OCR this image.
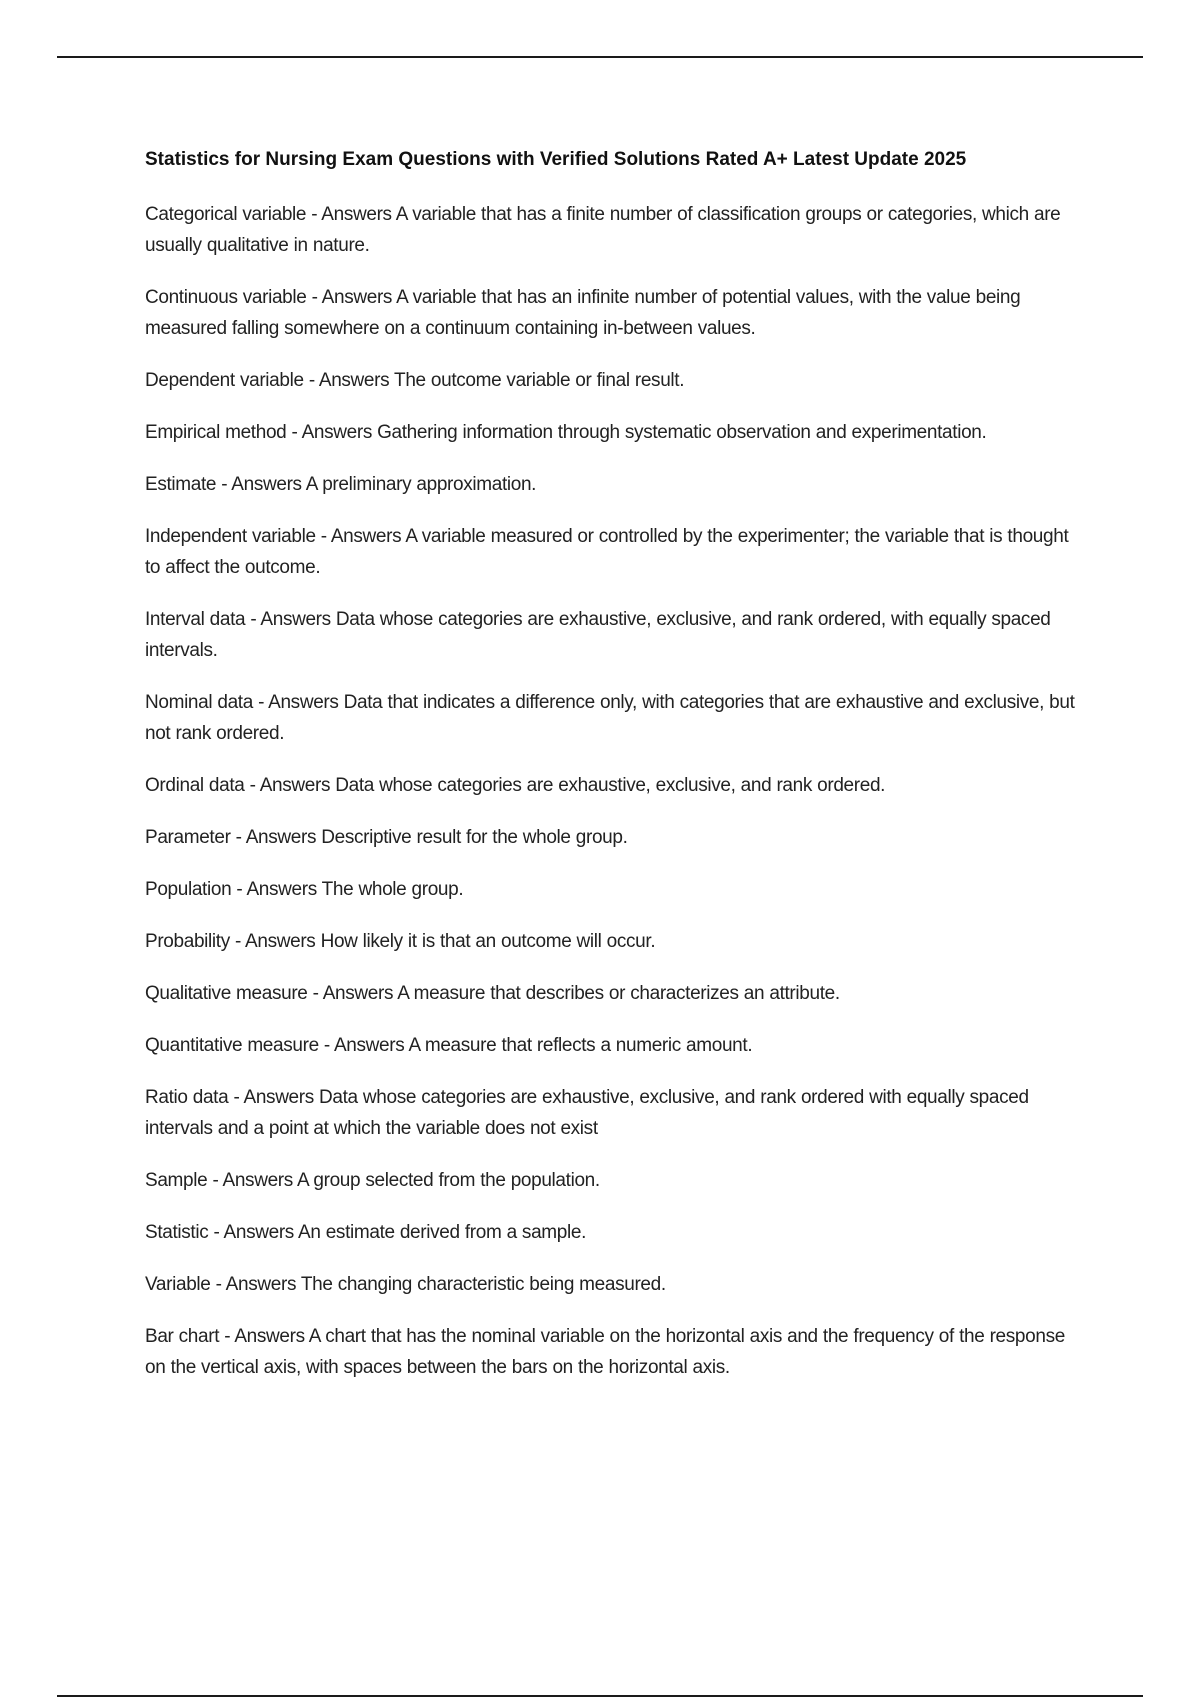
Statistics for Nursing Exam Questions with Verified Solutions Rated A+ Latest Update 2025
Categorical variable - Answers A variable that has a finite number of classification groups or categories, which are usually qualitative in nature.
Continuous variable - Answers A variable that has an infinite number of potential values, with the value being measured falling somewhere on a continuum containing in-between values.
Dependent variable - Answers The outcome variable or final result.
Empirical method - Answers Gathering information through systematic observation and experimentation.
Estimate - Answers A preliminary approximation.
Independent variable - Answers A variable measured or controlled by the experimenter; the variable that is thought to affect the outcome.
Interval data - Answers Data whose categories are exhaustive, exclusive, and rank ordered, with equally spaced intervals.
Nominal data - Answers Data that indicates a difference only, with categories that are exhaustive and exclusive, but not rank ordered.
Ordinal data - Answers Data whose categories are exhaustive, exclusive, and rank ordered.
Parameter - Answers Descriptive result for the whole group.
Population - Answers The whole group.
Probability - Answers How likely it is that an outcome will occur.
Qualitative measure - Answers A measure that describes or characterizes an attribute.
Quantitative measure - Answers A measure that reflects a numeric amount.
Ratio data - Answers Data whose categories are exhaustive, exclusive, and rank ordered with equally spaced intervals and a point at which the variable does not exist
Sample - Answers A group selected from the population.
Statistic - Answers An estimate derived from a sample.
Variable - Answers The changing characteristic being measured.
Bar chart - Answers A chart that has the nominal variable on the horizontal axis and the frequency of the response on the vertical axis, with spaces between the bars on the horizontal axis.
